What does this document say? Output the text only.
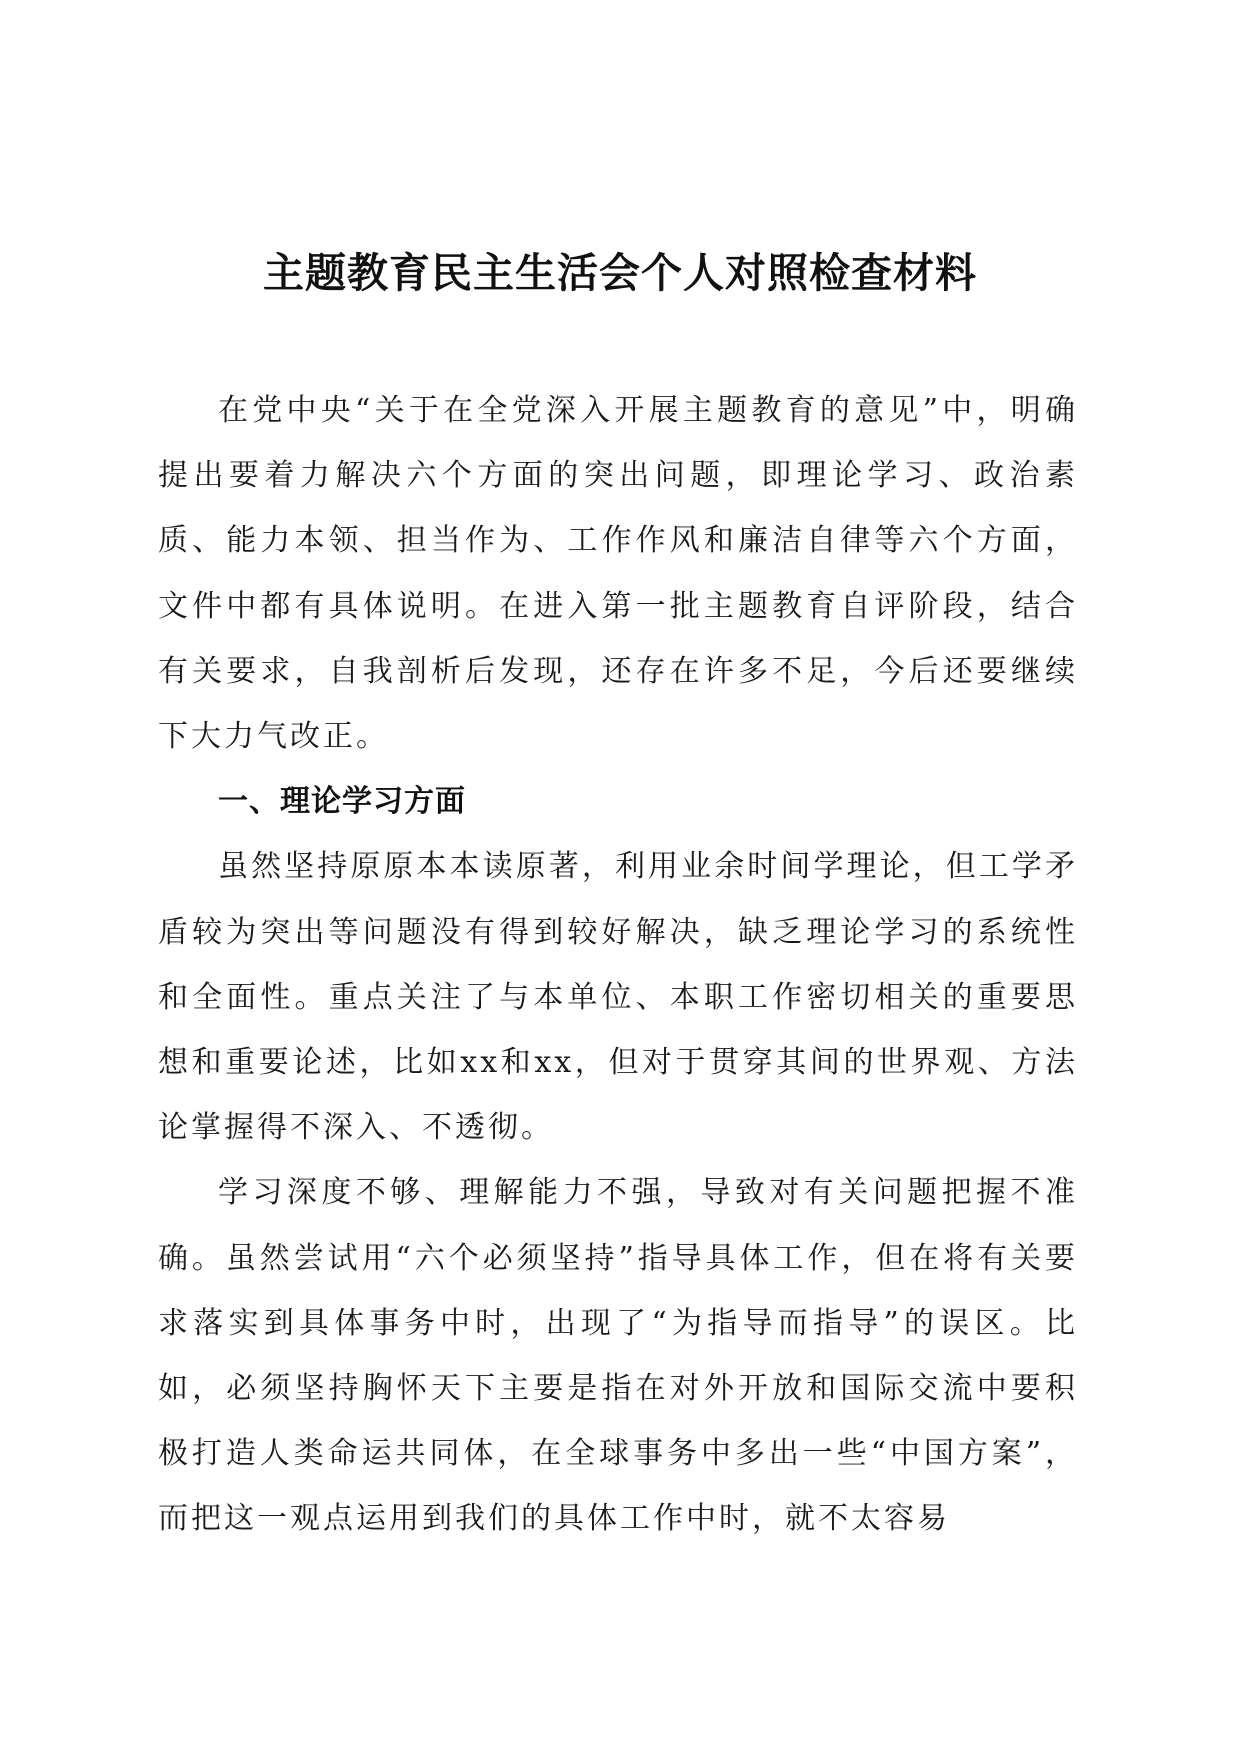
主题教育民主生活会个人对照检查材料

在党中央“关于在全党深入开展主题教育的意见”中，明确提出要着力解决六个方面的突出问题，即理论学习、政治素质、能力本领、担当作为、工作作风和廉洁自律等六个方面，文件中都有具体说明。在进入第一批主题教育自评阶段，结合有关要求，自我剖析后发现，还存在许多不足，今后还要继续下大力气改正。

一、理论学习方面

虽然坚持原原本本读原著，利用业余时间学理论，但工学矛盾较为突出等问题没有得到较好解决，缺乏理论学习的系统性和全面性。重点关注了与本单位、本职工作密切相关的重要思想和重要论述，比如xx和xx，但对于贯穿其间的世界观、方法论掌握得不深入、不透彻。

学习深度不够、理解能力不强，导致对有关问题把握不准确。虽然尝试用“六个必须坚持”指导具体工作，但在将有关要求落实到具体事务中时，出现了“为指导而指导”的误区。比如，必须坚持胸怀天下主要是指在对外开放和国际交流中要积极打造人类命运共同体，在全球事务中多出一些“中国方案”，而把这一观点运用到我们的具体工作中时，就不太容易
